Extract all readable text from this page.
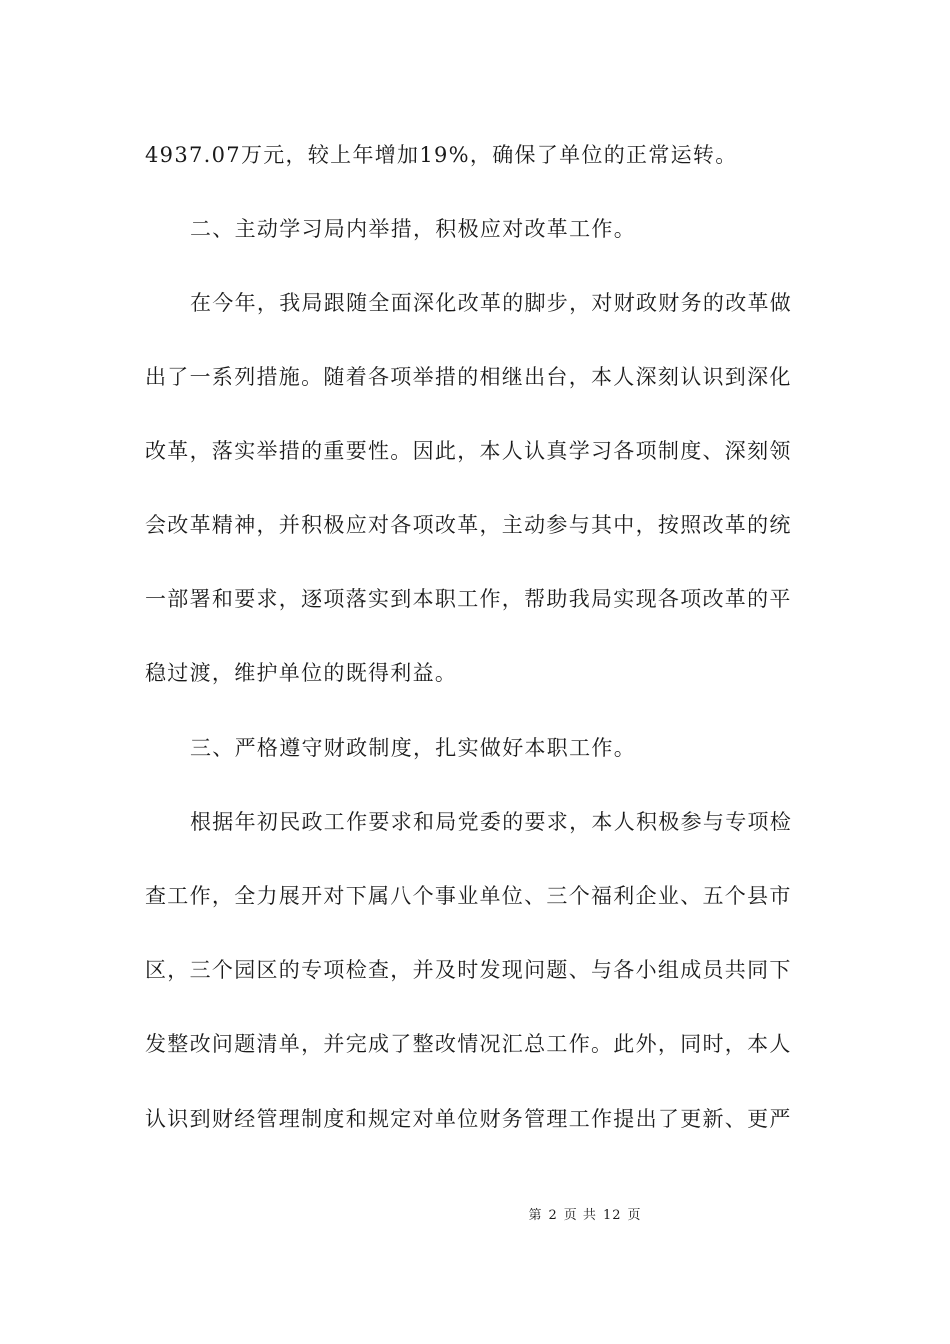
4937.07万元，较上年增加19%，确保了单位的正常运转。
二、主动学习局内举措，积极应对改革工作。
在今年，我局跟随全面深化改革的脚步，对财政财务的改革做
出了一系列措施。随着各项举措的相继出台，本人深刻认识到深化
改革，落实举措的重要性。因此，本人认真学习各项制度、深刻领
会改革精神，并积极应对各项改革，主动参与其中，按照改革的统
一部署和要求，逐项落实到本职工作，帮助我局实现各项改革的平
稳过渡，维护单位的既得利益。
三、严格遵守财政制度，扎实做好本职工作。
根据年初民政工作要求和局党委的要求，本人积极参与专项检
查工作，全力展开对下属八个事业单位、三个福利企业、五个县市
区，三个园区的专项检查，并及时发现问题、与各小组成员共同下
发整改问题清单，并完成了整改情况汇总工作。此外，同时，本人
认识到财经管理制度和规定对单位财务管理工作提出了更新、更严
第 2 页 共 12 页
